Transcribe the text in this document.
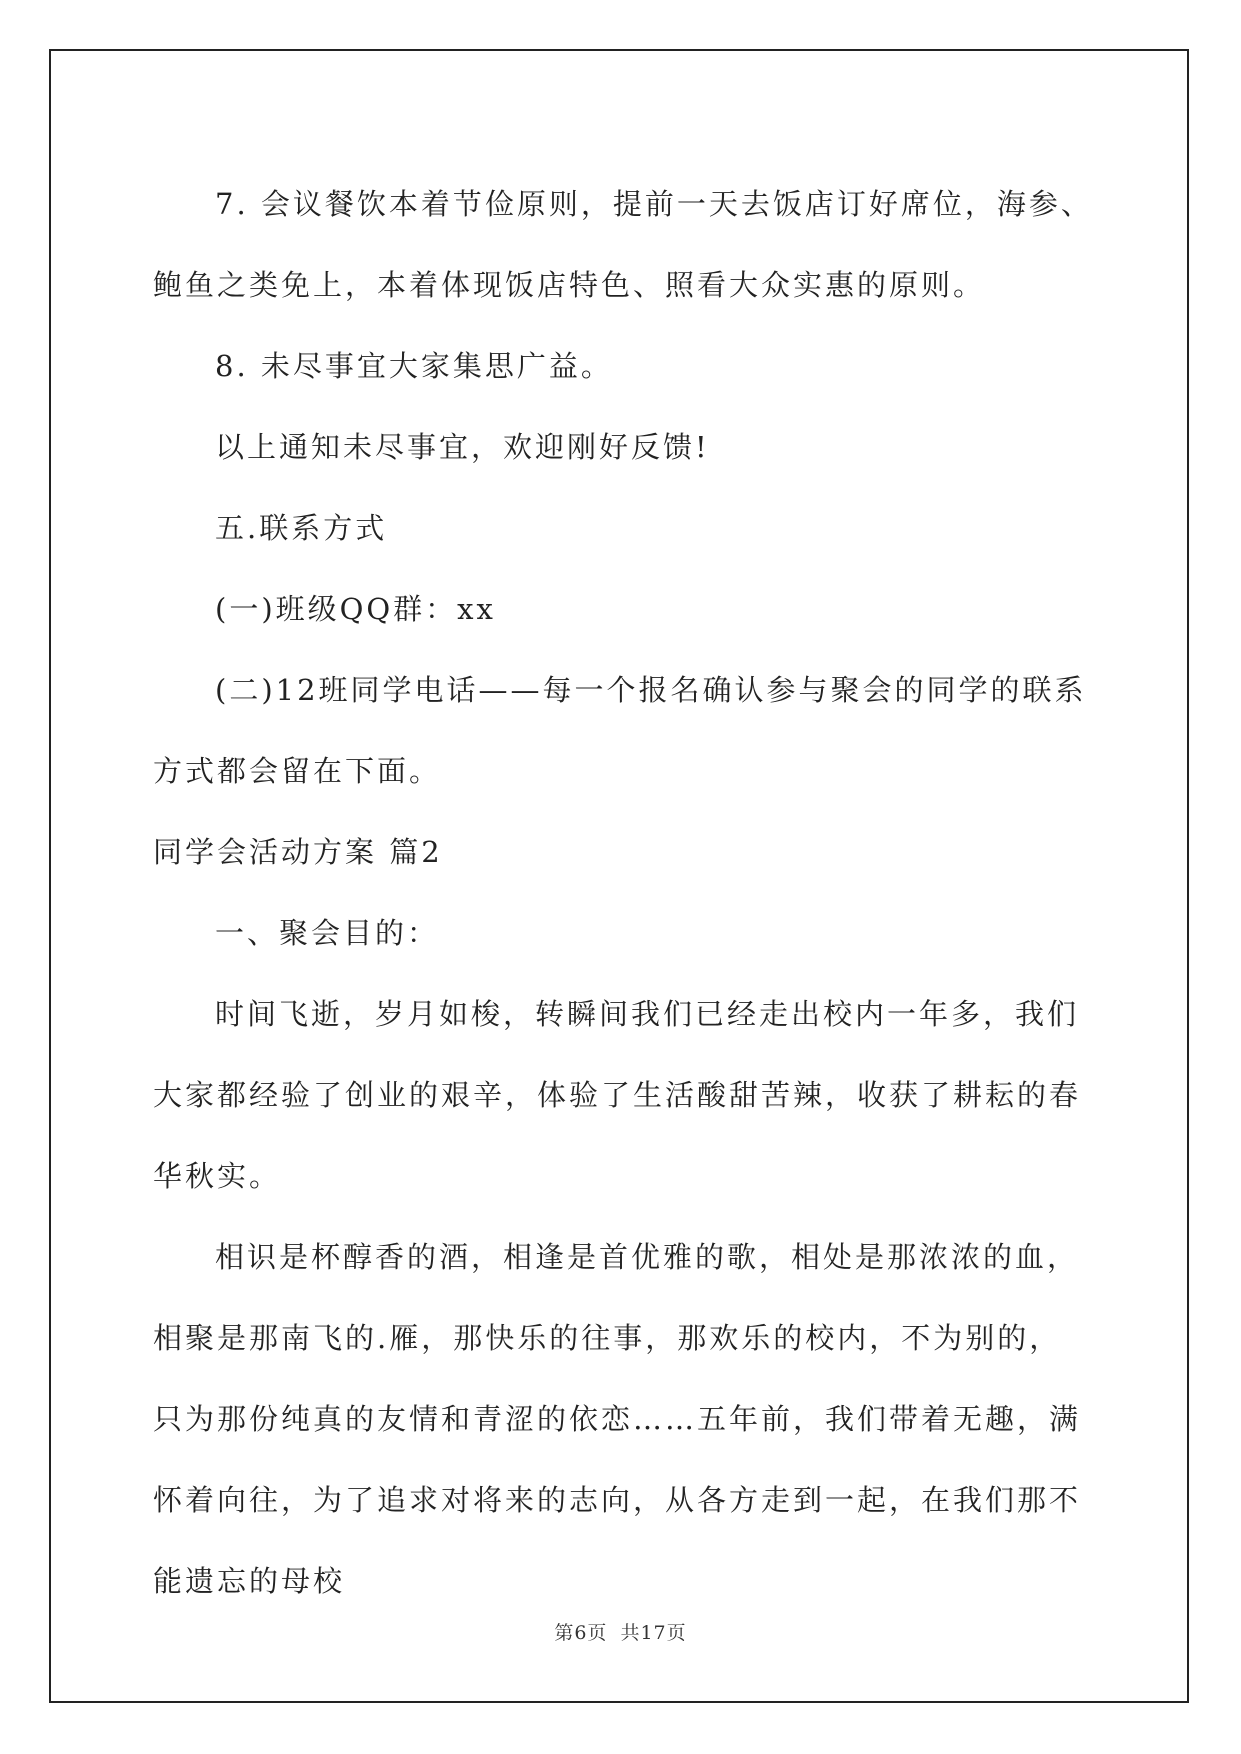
7. 会议餐饮本着节俭原则，提前一天去饭店订好席位，海参、鲍鱼之类免上，本着体现饭店特色、照看大众实惠的原则。

8. 未尽事宜大家集思广益。

以上通知未尽事宜，欢迎刚好反馈!

五.联系方式

(一)班级QQ群：xx

(二)12班同学电话——每一个报名确认参与聚会的同学的联系方式都会留在下面。

同学会活动方案 篇2

一、聚会目的：

时间飞逝，岁月如梭，转瞬间我们已经走出校内一年多，我们大家都经验了创业的艰辛，体验了生活酸甜苦辣，收获了耕耘的春华秋实。

相识是杯醇香的酒，相逢是首优雅的歌，相处是那浓浓的血，相聚是那南飞的.雁，那快乐的往事，那欢乐的校内，不为别的，只为那份纯真的友情和青涩的依恋……五年前，我们带着无趣，满怀着向往，为了追求对将来的志向，从各方走到一起，在我们那不能遗忘的母校

第6页 共17页
